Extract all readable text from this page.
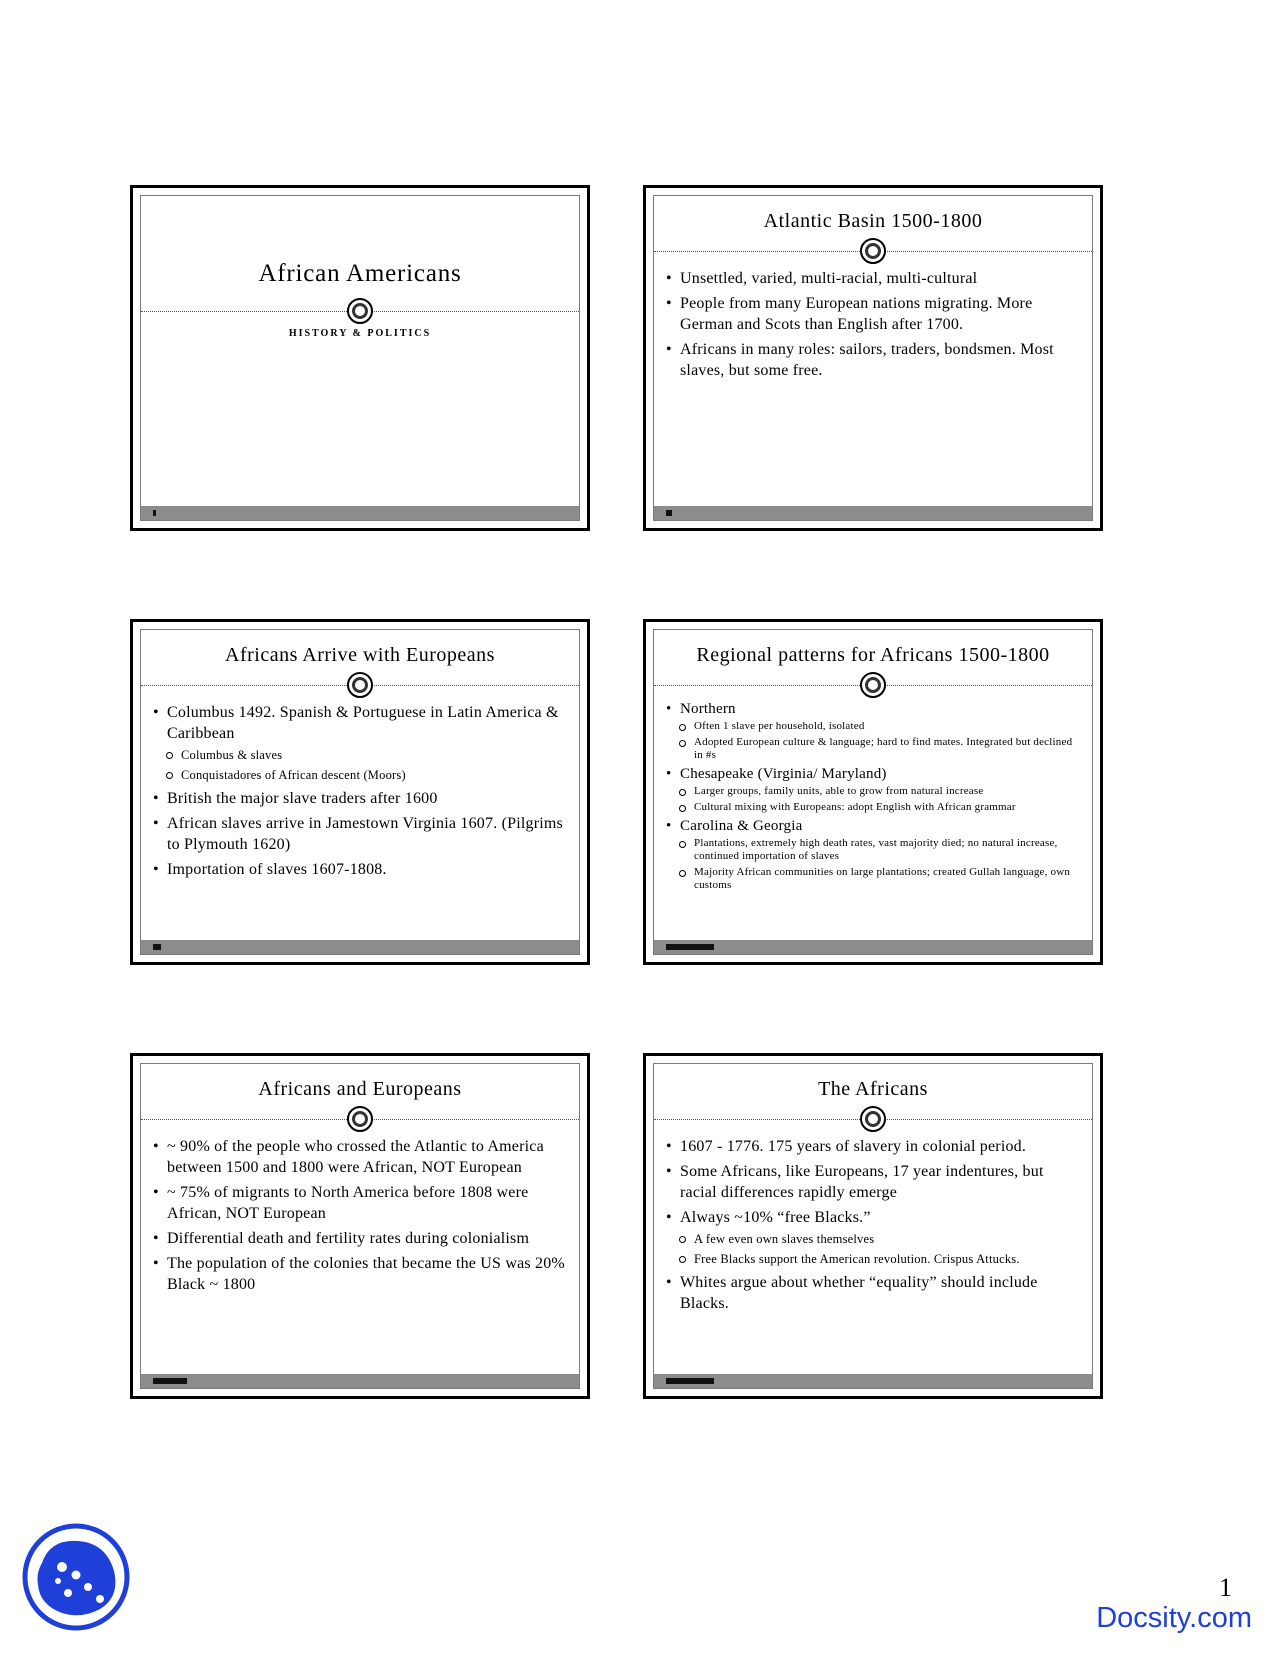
African Americans
HISTORY & POLITICS
Atlantic Basin 1500-1800
• Unsettled, varied, multi-racial, multi-cultural
• People from many European nations migrating. More German and Scots than English after 1700.
• Africans in many roles: sailors, traders, bondsmen. Most slaves, but some free.
Africans Arrive with Europeans
• Columbus 1492. Spanish & Portuguese in Latin America & Caribbean
Columbus & slaves
Conquistadores of African descent (Moors)
• British the major slave traders after 1600
• African slaves arrive in Jamestown Virginia 1607. (Pilgrims to Plymouth 1620)
• Importation of slaves 1607-1808.
Regional patterns for Africans 1500-1800
• Northern
Often 1 slave per household, isolated
Adopted European culture & language; hard to find mates. Integrated but declined in #s
• Chesapeake (Virginia/ Maryland)
Larger groups, family units, able to grow from natural increase
Cultural mixing with Europeans: adopt English with African grammar
• Carolina & Georgia
Plantations, extremely high death rates, vast majority died; no natural increase, continued importation of slaves
Majority African communities on large plantations; created Gullah language, own customs
Africans and Europeans
• ~ 90% of the people who crossed the Atlantic to America between 1500 and 1800 were African, NOT European
• ~ 75% of migrants to North America before 1808 were African, NOT European
• Differential death and fertility rates during colonialism
• The population of the colonies that became the US was 20% Black ~ 1800
The Africans
• 1607 - 1776. 175 years of slavery in colonial period.
• Some Africans, like Europeans, 17 year indentures, but racial differences rapidly emerge
• Always ~10% “free Blacks.”
A few even own slaves themselves
Free Blacks support the American revolution. Crispus Attucks.
• Whites argue about whether “equality” should include Blacks.
1
Docsity.com
